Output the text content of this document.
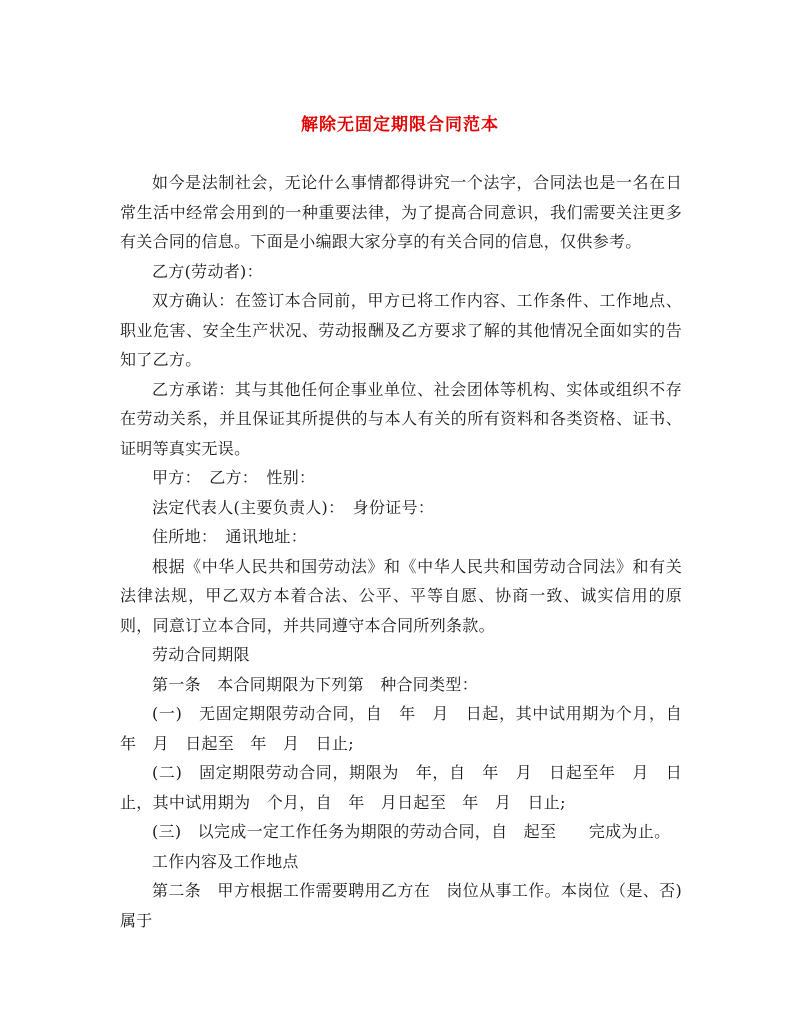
解除无固定期限合同范本

如今是法制社会，无论什么事情都得讲究一个法字，合同法也是一名在日常生活中经常会用到的一种重要法律，为了提高合同意识，我们需要关注更多有关合同的信息。下面是小编跟大家分享的有关合同的信息，仅供参考。

乙方(劳动者)：

双方确认：在签订本合同前，甲方已将工作内容、工作条件、工作地点、职业危害、安全生产状况、劳动报酬及乙方要求了解的其他情况全面如实的告知了乙方。

乙方承诺：其与其他任何企事业单位、社会团体等机构、实体或组织不存在劳动关系，并且保证其所提供的与本人有关的所有资料和各类资格、证书、证明等真实无误。

甲方：　乙方：　性别：

法定代表人(主要负责人)：　身份证号：

住所地：　通讯地址：

根据《中华人民共和国劳动法》和《中华人民共和国劳动合同法》和有关法律法规，甲乙双方本着合法、公平、平等自愿、协商一致、诚实信用的原则，同意订立本合同，并共同遵守本合同所列条款。

劳动合同期限

第一条　本合同期限为下列第　种合同类型：

(一)　无固定期限劳动合同，自　年　月　日起，其中试用期为个月，自　年　月　日起至　年　月　日止;

(二)　固定期限劳动合同，期限为　年，自　年　月　日起至年　月　日止，其中试用期为　个月，自　年　月日起至　年　月　日止;

(三)　以完成一定工作任务为期限的劳动合同，自　起至　　完成为止。

工作内容及工作地点

第二条　甲方根据工作需要聘用乙方在　岗位从事工作。本岗位（是、否)属于
